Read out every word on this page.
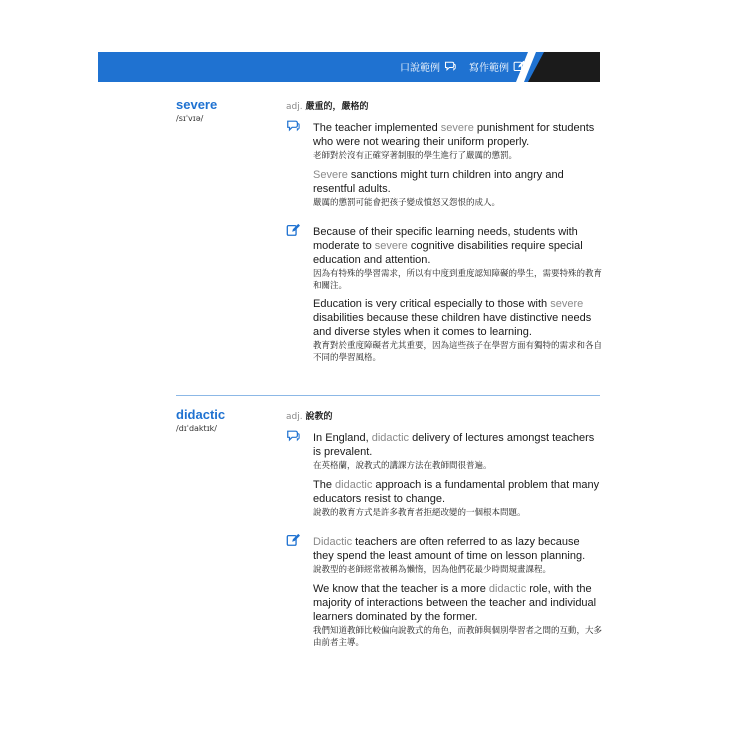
口說範例	寫作範例
severe
/sɪˈvɪə/
adj. 嚴重的，嚴格的

The teacher implemented severe punishment for students who were not wearing their uniform properly.

老師對於沒有正確穿著制服的學生進行了嚴厲的懲罰。

Severe sanctions might turn children into angry and resentful adults.

嚴厲的懲罰可能會把孩子變成憤怒又怨恨的成人。

Because of their specific learning needs, students with moderate to severe cognitive disabilities require special education and attention.

因為有特殊的學習需求，所以有中度到重度認知障礙的學生，需要特殊的教育和關注。

Education is very critical especially to those with severe disabilities because these children have distinctive needs and diverse styles when it comes to learning.

教育對於重度障礙者尤其重要，因為這些孩子在學習方面有獨特的需求和各自不同的學習風格。
didactic
/dɪˈdaktɪk/
adj. 說教的

In England, didactic delivery of lectures amongst teachers is prevalent.

在英格蘭，說教式的講課方法在教師間很普遍。

The didactic approach is a fundamental problem that many educators resist to change.

說教的教育方式是許多教育者拒絕改變的一個根本問題。

Didactic teachers are often referred to as lazy because they spend the least amount of time on lesson planning.

說教型的老師經常被稱為懶惰，因為他們花最少時間規畫課程。

We know that the teacher is a more didactic role, with the majority of interactions between the teacher and individual learners dominated by the former.

我們知道教師比較偏向說教式的角色，而教師與個別學習者之間的互動，大多由前者主導。
